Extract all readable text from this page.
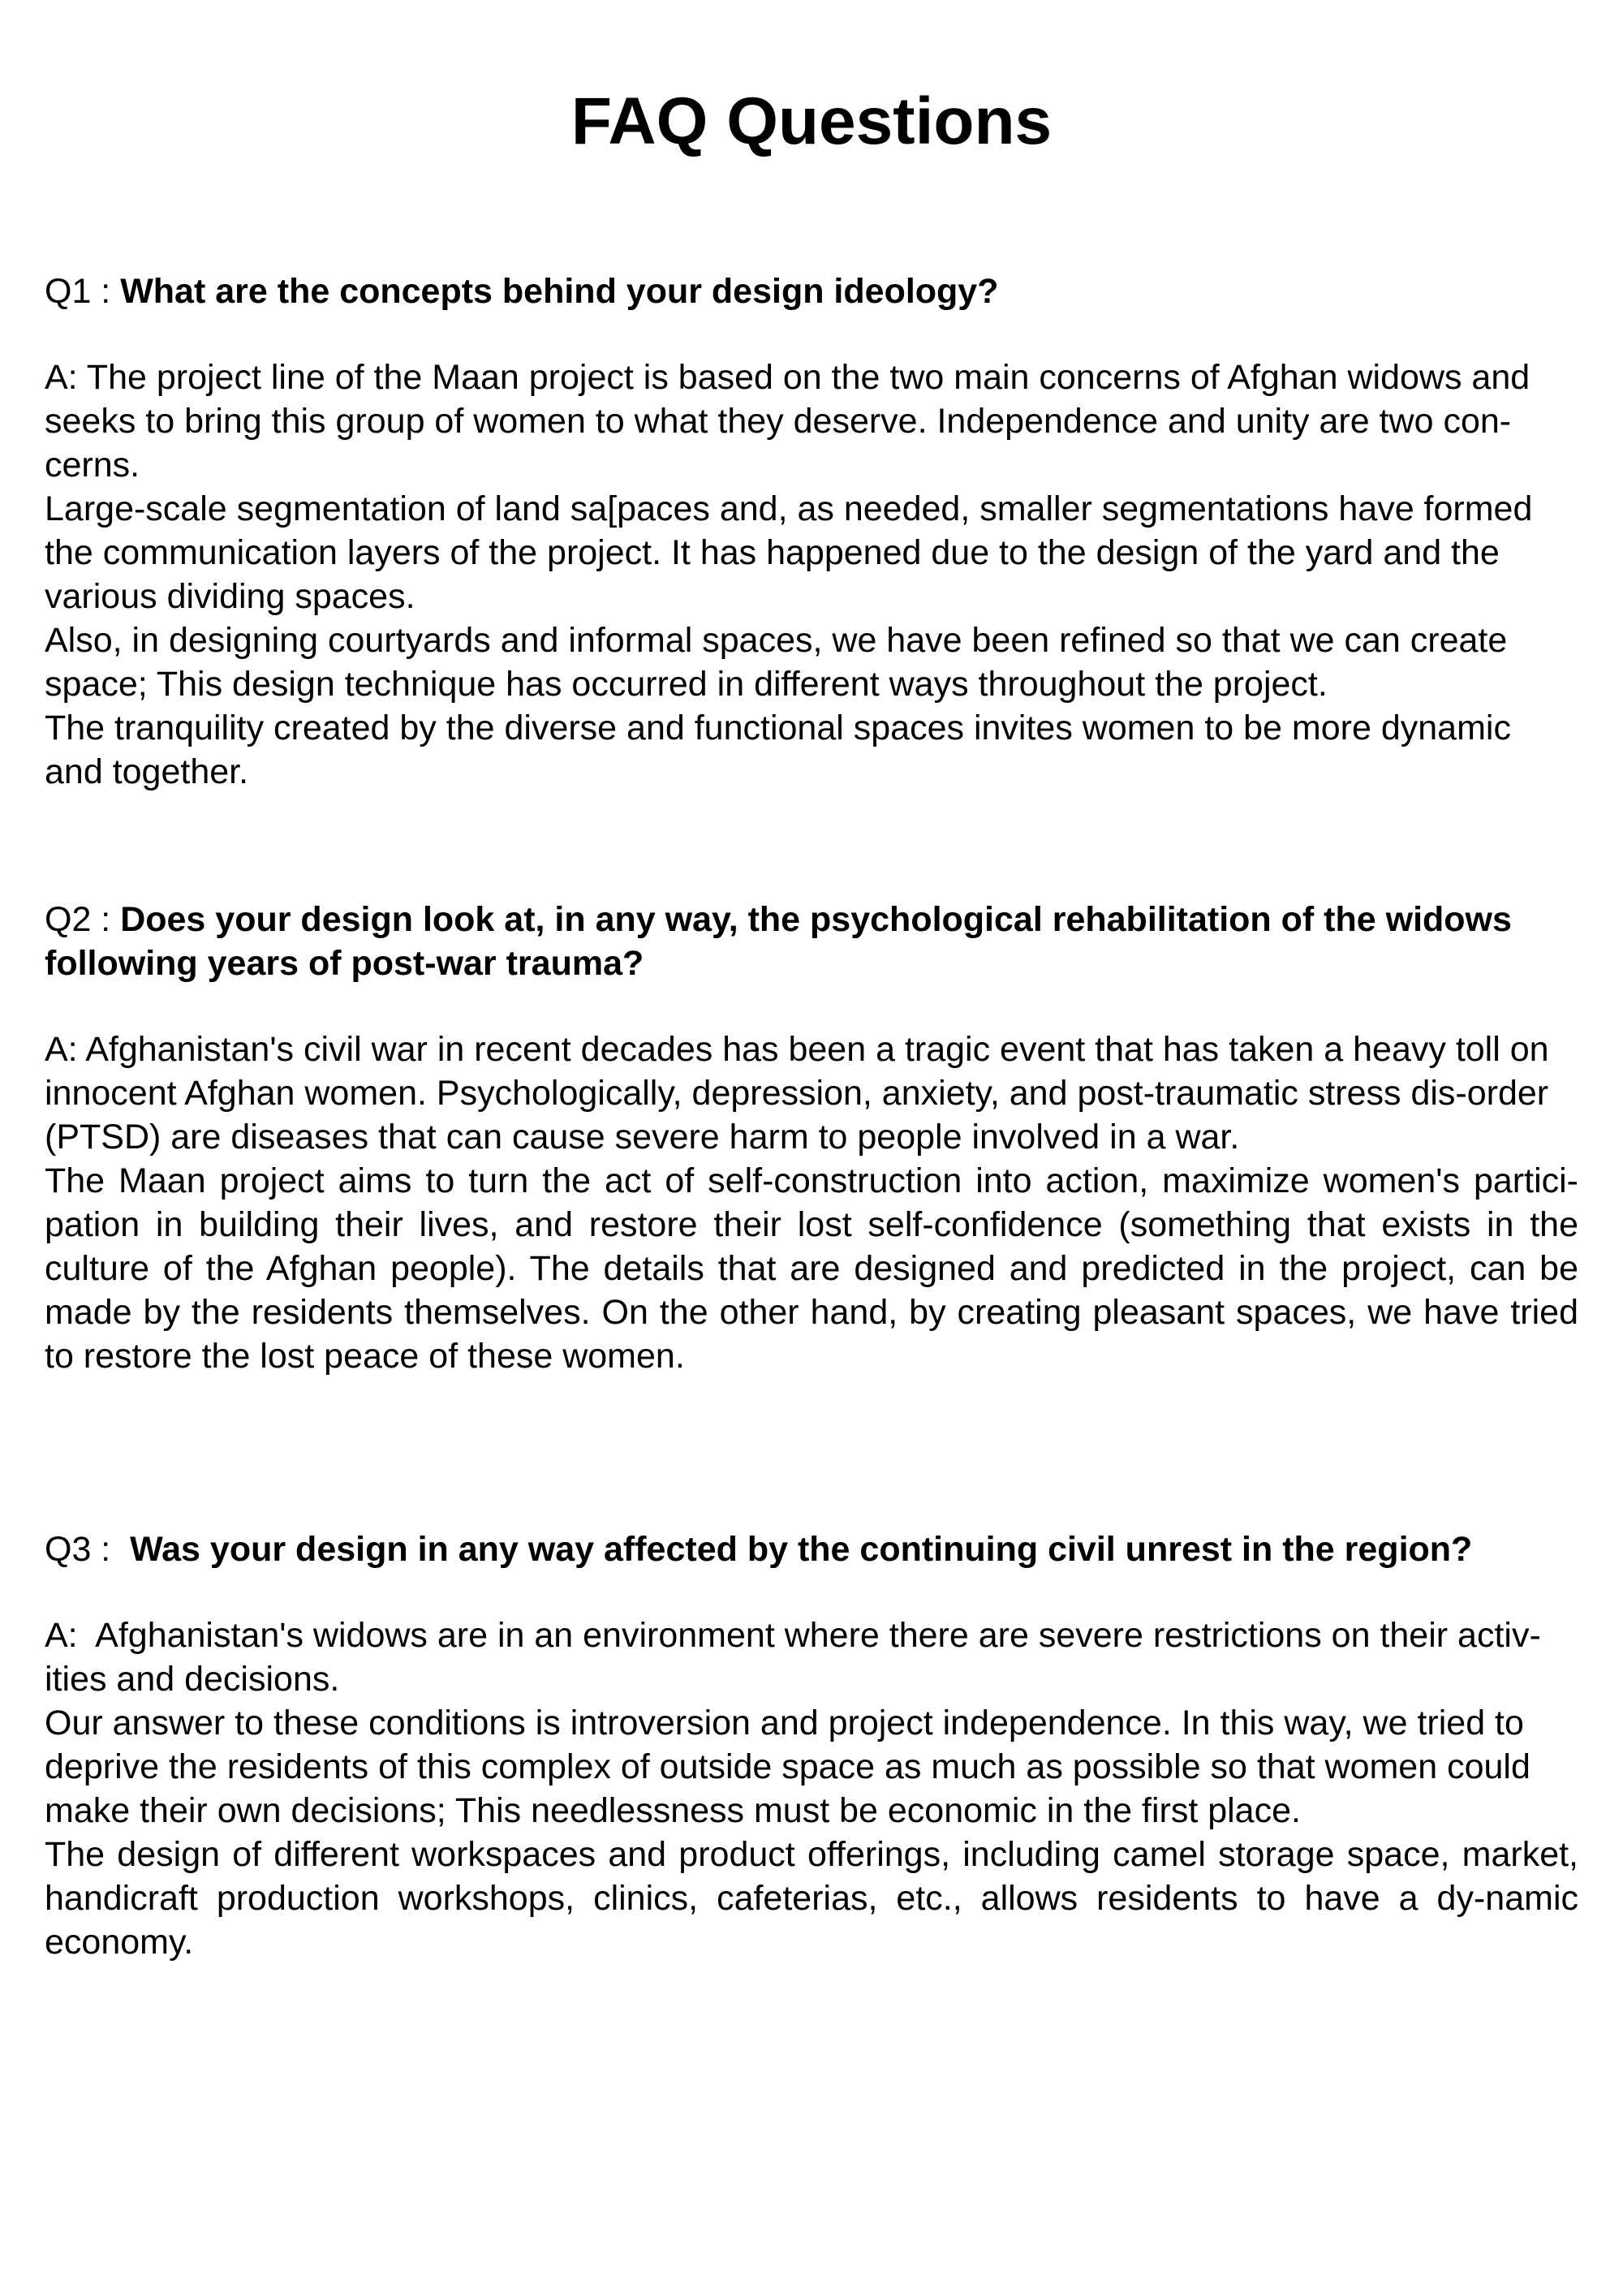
FAQ Questions
Q1 : What are the concepts behind your design ideology?

A: The project line of the Maan project is based on the two main concerns of Afghan widows and seeks to bring this group of women to what they deserve. Independence and unity are two con-cerns.

Large-scale segmentation of land sa[paces and, as needed, smaller segmentations have formed the communication layers of the project. It has happened due to the design of the yard and the various dividing spaces.

Also, in designing courtyards and informal spaces, we have been refined so that we can create space; This design technique has occurred in different ways throughout the project.

The tranquility created by the diverse and functional spaces invites women to be more dynamic and together.

Q2 : Does your design look at, in any way, the psychological rehabilitation of the widows following years of post-war trauma?

A: Afghanistan's civil war in recent decades has been a tragic event that has taken a heavy toll on innocent Afghan women. Psychologically, depression, anxiety, and post-traumatic stress dis-order (PTSD) are diseases that can cause severe harm to people involved in a war.

The Maan project aims to turn the act of self-construction into action, maximize women's partici-pation in building their lives, and restore their lost self-confidence (something that exists in the culture of the Afghan people). The details that are designed and predicted in the project, can be made by the residents themselves. On the other hand, by creating pleasant spaces, we have tried to restore the lost peace of these women.

Q3 :  Was your design in any way affected by the continuing civil unrest in the region?

A:  Afghanistan's widows are in an environment where there are severe restrictions on their activ-ities and decisions.

Our answer to these conditions is introversion and project independence. In this way, we tried to deprive the residents of this complex of outside space as much as possible so that women could make their own decisions; This needlessness must be economic in the first place.

The design of different workspaces and product offerings, including camel storage space, market, handicraft production workshops, clinics, cafeterias, etc., allows residents to have a dy-namic economy.
